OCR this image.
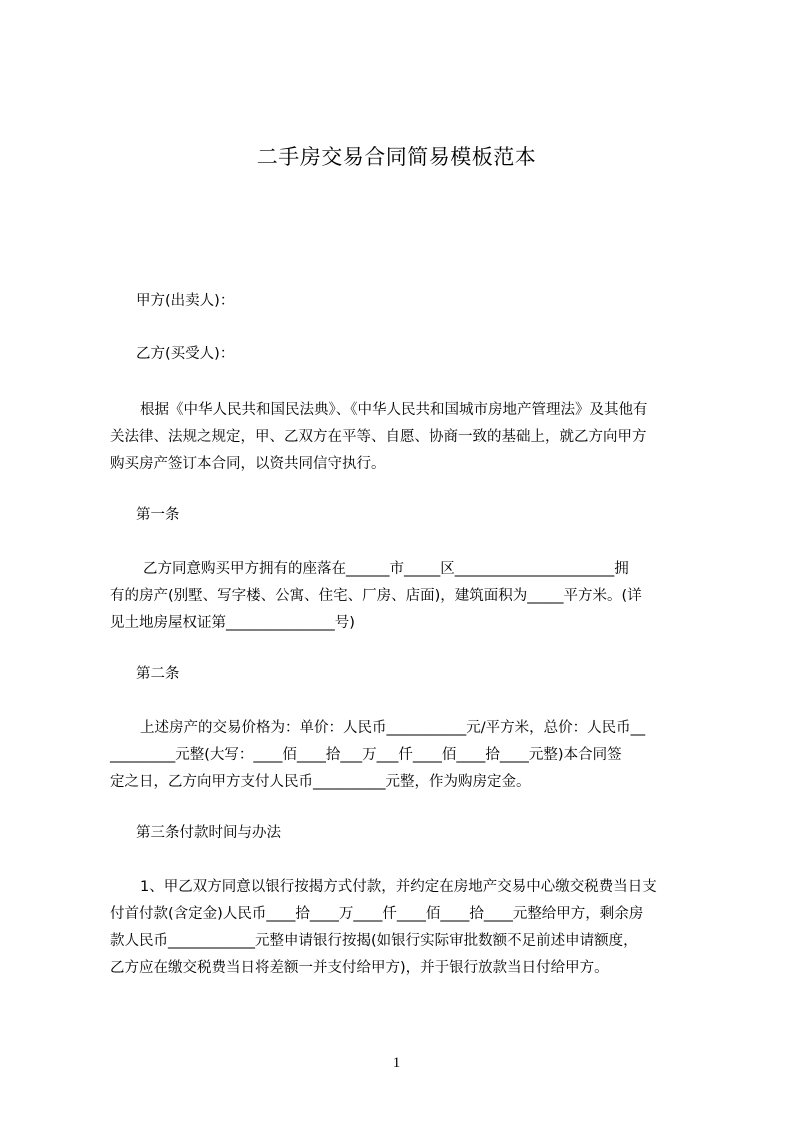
二手房交易合同简易模板范本
甲方(出卖人)：
乙方(买受人)：
根据《中华人民共和国民法典》、《中华人民共和国城市房地产管理法》及其他有
关法律、法规之规定，甲、乙双方在平等、自愿、协商一致的基础上，就乙方向甲方
购买房产签订本合同，以资共同信守执行。
第一条
乙方同意购买甲方拥有的座落在______市_____区______________________拥
有的房产(别墅、写字楼、公寓、住宅、厂房、店面)，建筑面积为_____平方米。(详
见土地房屋权证第_______________号)
第二条
上述房产的交易价格为：单价：人民币___________元/平方米，总价：人民币__
_________元整(大写：____佰____拾___万___仟____佰____拾____元整)本合同签
定之日，乙方向甲方支付人民币__________元整，作为购房定金。
第三条付款时间与办法
1、甲乙双方同意以银行按揭方式付款，并约定在房地产交易中心缴交税费当日支
付首付款(含定金)人民币____拾____万____仟____佰____拾____元整给甲方，剩余房
款人民币____________元整申请银行按揭(如银行实际审批数额不足前述申请额度，
乙方应在缴交税费当日将差额一并支付给甲方)，并于银行放款当日付给甲方。
1
